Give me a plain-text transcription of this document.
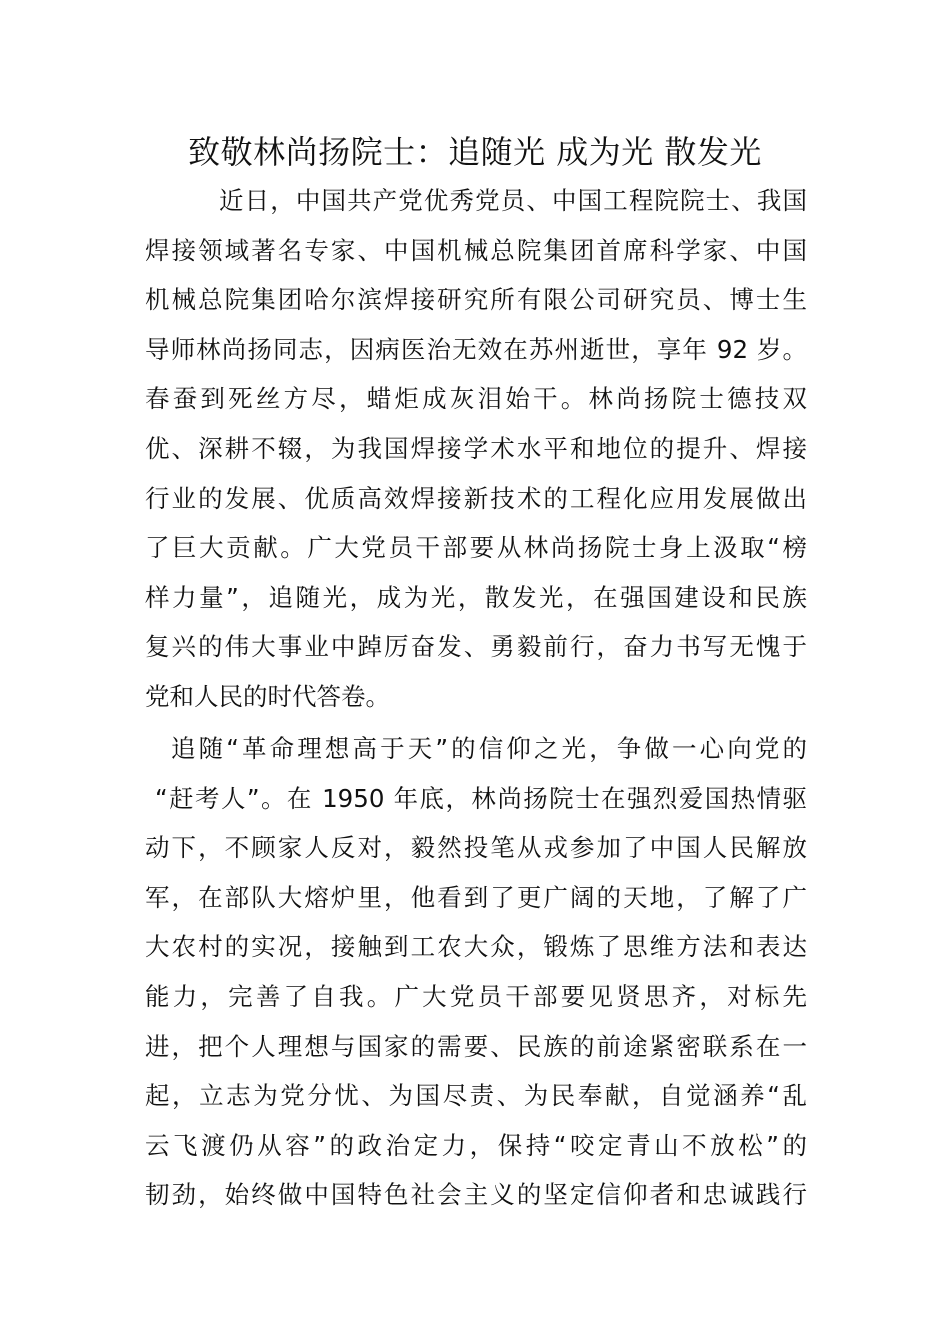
致敬林尚扬院士：追随光 成为光 散发光
近日，中国共产党优秀党员、中国工程院院士、我国
焊接领域著名专家、中国机械总院集团首席科学家、中国
机械总院集团哈尔滨焊接研究所有限公司研究员、博士生
导师林尚扬同志，因病医治无效在苏州逝世，享年 92 岁。
春蚕到死丝方尽，蜡炬成灰泪始干。林尚扬院士德技双
优、深耕不辍，为我国焊接学术水平和地位的提升、焊接
行业的发展、优质高效焊接新技术的工程化应用发展做出
了巨大贡献。广大党员干部要从林尚扬院士身上汲取“榜
样力量”，追随光，成为光，散发光，在强国建设和民族
复兴的伟大事业中踔厉奋发、勇毅前行，奋力书写无愧于
党和人民的时代答卷。
追随“革命理想高于天”的信仰之光，争做一心向党的
“赶考人”。在 1950 年底，林尚扬院士在强烈爱国热情驱
动下，不顾家人反对，毅然投笔从戎参加了中国人民解放
军，在部队大熔炉里，他看到了更广阔的天地，了解了广
大农村的实况，接触到工农大众，锻炼了思维方法和表达
能力，完善了自我。广大党员干部要见贤思齐，对标先
进，把个人理想与国家的需要、民族的前途紧密联系在一
起，立志为党分忧、为国尽责、为民奉献，自觉涵养“乱
云飞渡仍从容”的政治定力，保持“咬定青山不放松”的
韧劲，始终做中国特色社会主义的坚定信仰者和忠诚践行
